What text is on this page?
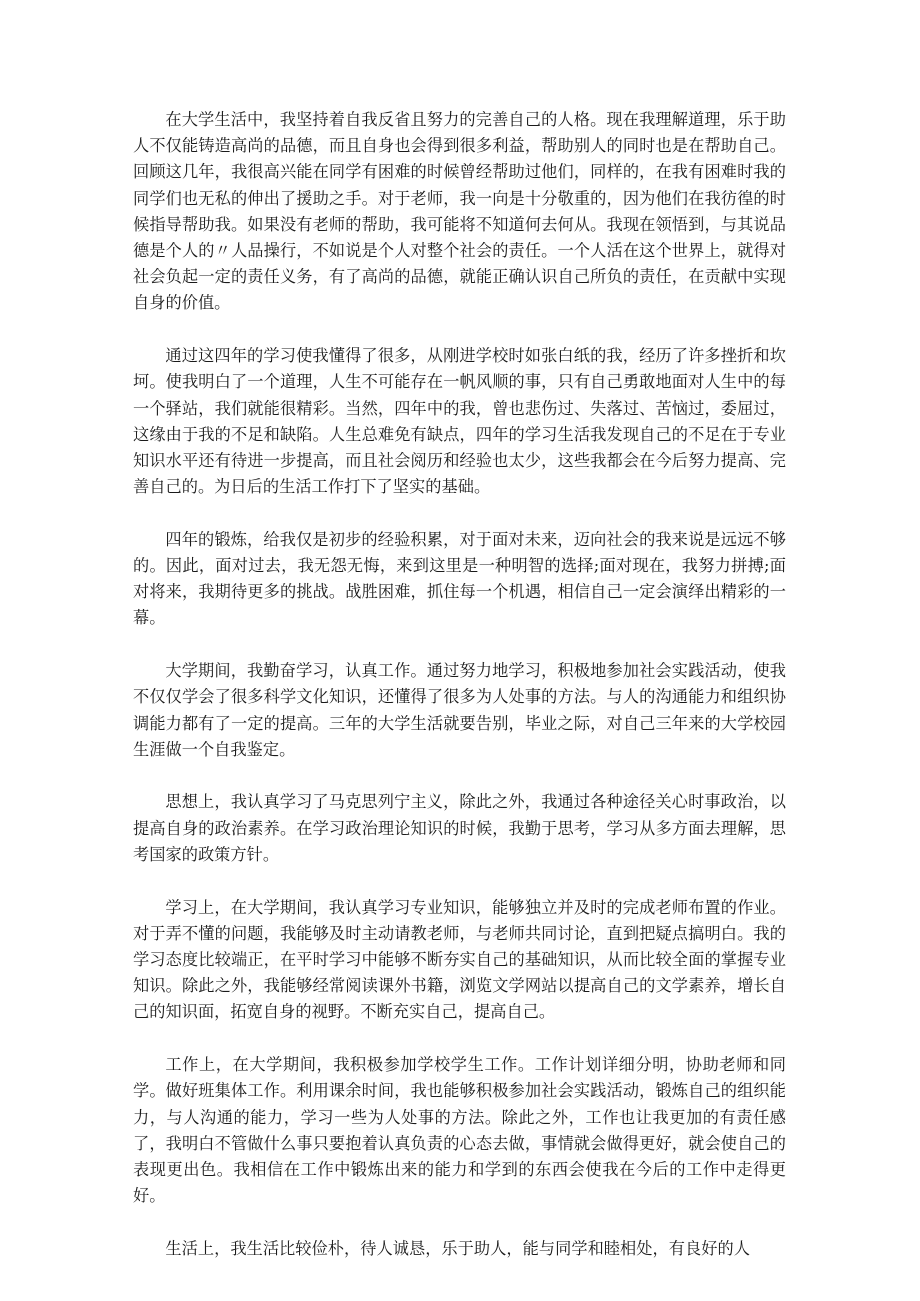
在大学生活中，我坚持着自我反省且努力的完善自己的人格。现在我理解道理，乐于助人不仅能铸造高尚的品德，而且自身也会得到很多利益，帮助别人的同时也是在帮助自己。回顾这几年，我很高兴能在同学有困难的时候曾经帮助过他们，同样的，在我有困难时我的同学们也无私的伸出了援助之手。对于老师，我一向是十分敬重的，因为他们在我彷徨的时候指导帮助我。如果没有老师的帮助，我可能将不知道何去何从。我现在领悟到，与其说品德是个人的〃人品操行，不如说是个人对整个社会的责任。一个人活在这个世界上，就得对社会负起一定的责任义务，有了高尚的品德，就能正确认识自己所负的责任，在贡献中实现自身的价值。

通过这四年的学习使我懂得了很多，从刚进学校时如张白纸的我，经历了许多挫折和坎坷。使我明白了一个道理，人生不可能存在一帆风顺的事，只有自己勇敢地面对人生中的每一个驿站，我们就能很精彩。当然，四年中的我，曾也悲伤过、失落过、苦恼过，委屈过，这缘由于我的不足和缺陷。人生总难免有缺点，四年的学习生活我发现自己的不足在于专业知识水平还有待进一步提高，而且社会阅历和经验也太少，这些我都会在今后努力提高、完善自己的。为日后的生活工作打下了坚实的基础。

四年的锻炼，给我仅是初步的经验积累，对于面对未来，迈向社会的我来说是远远不够的。因此，面对过去，我无怨无悔，来到这里是一种明智的选择;面对现在，我努力拼搏;面对将来，我期待更多的挑战。战胜困难，抓住每一个机遇，相信自己一定会演绎出精彩的一幕。

大学期间，我勤奋学习，认真工作。通过努力地学习，积极地参加社会实践活动，使我不仅仅学会了很多科学文化知识，还懂得了很多为人处事的方法。与人的沟通能力和组织协调能力都有了一定的提高。三年的大学生活就要告别，毕业之际，对自己三年来的大学校园生涯做一个自我鉴定。

思想上，我认真学习了马克思列宁主义，除此之外，我通过各种途径关心时事政治，以提高自身的政治素养。在学习政治理论知识的时候，我勤于思考，学习从多方面去理解，思考国家的政策方针。

学习上，在大学期间，我认真学习专业知识，能够独立并及时的完成老师布置的作业。对于弄不懂的问题，我能够及时主动请教老师，与老师共同讨论，直到把疑点搞明白。我的学习态度比较端正，在平时学习中能够不断夯实自己的基础知识，从而比较全面的掌握专业知识。除此之外，我能够经常阅读课外书籍，浏览文学网站以提高自己的文学素养，增长自己的知识面，拓宽自身的视野。不断充实自己，提高自己。

工作上，在大学期间，我积极参加学校学生工作。工作计划详细分明，协助老师和同学。做好班集体工作。利用课余时间，我也能够积极参加社会实践活动，锻炼自己的组织能力，与人沟通的能力，学习一些为人处事的方法。除此之外，工作也让我更加的有责任感了，我明白不管做什么事只要抱着认真负责的心态去做，事情就会做得更好，就会使自己的表现更出色。我相信在工作中锻炼出来的能力和学到的东西会使我在今后的工作中走得更好。

生活上，我生活比较俭朴，待人诚恳，乐于助人，能与同学和睦相处，有良好的人
